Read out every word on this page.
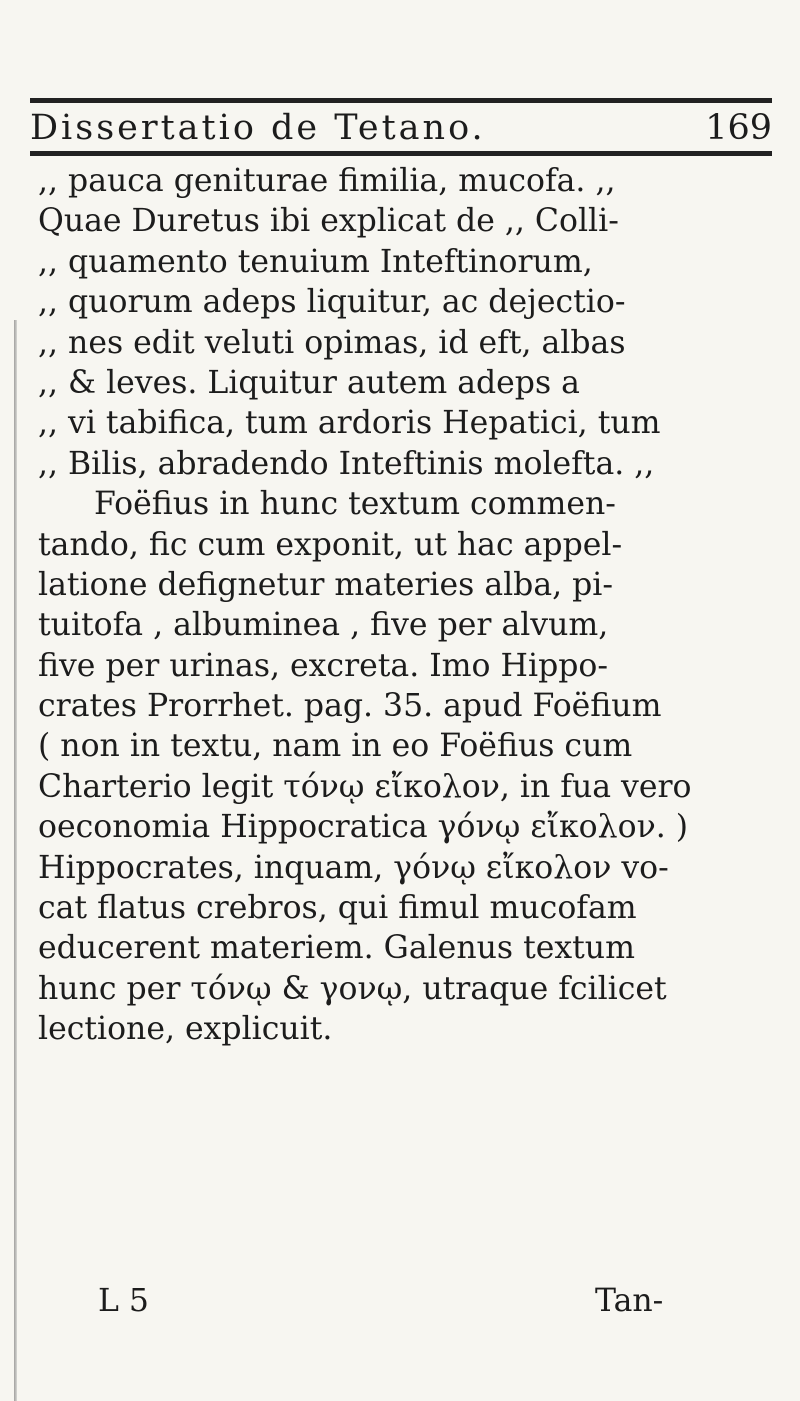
Dissertatio de Tetano.	169
,, pauca geniturae fimilia, mucofa. ,,
Quae Duretus ibi explicat de ,, Colli-
,, quamento tenuium Inteftinorum,
,, quorum adeps liquitur, ac dejectio-
,, nes edit veluti opimas, id eft, albas
,, & leves. Liquitur autem adeps a
,, vi tabifica, tum ardoris Hepatici, tum
,, Bilis, abradendo Inteftinis molefta. ,,
Foëfius in hunc textum commen-
tando, fic cum exponit, ut hac appel-
latione defignetur materies alba, pi-
tuitofa , albuminea , five per alvum,
five per urinas, excreta. Imo Hippo-
crates Prorrhet. pag. 35. apud Foëfium
( non in textu, nam in eo Foëfius cum
Charterio legit τόνῳ εἴκολον, in fua vero
oeconomia Hippocratica γόνῳ εἴκολον. )
Hippocrates, inquam, γόνῳ εἴκολον vo-
cat flatus crebros, qui fimul mucofam
educerent materiem. Galenus textum
hunc per τόνῳ & γονῳ, utraque fcilicet
lectione, explicuit.
L 5	Tan-
